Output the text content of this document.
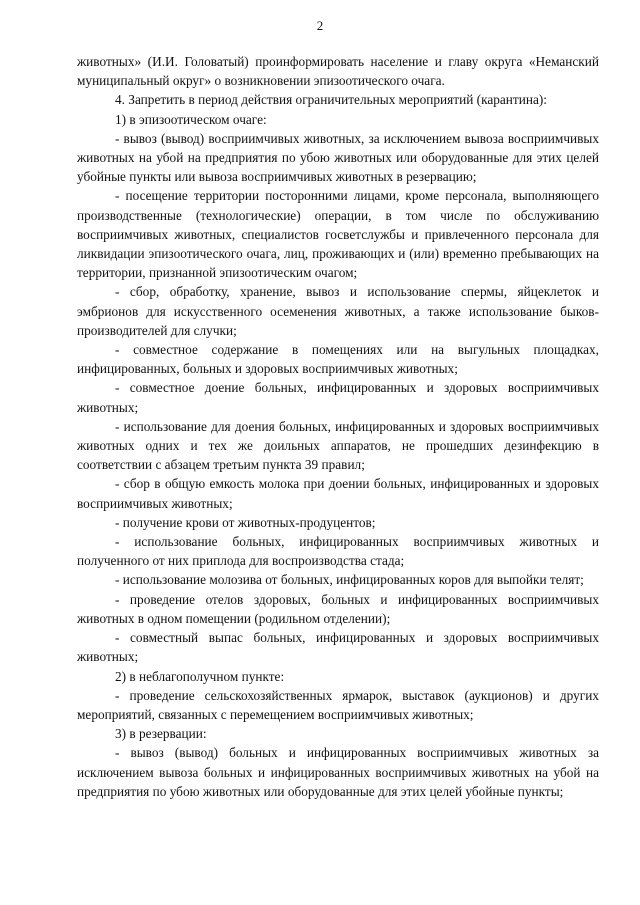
2

животных» (И.И. Головатый) проинформировать население и главу округа «Неманский муниципальный округ» о возникновении эпизоотического очага.

4. Запретить в период действия ограничительных мероприятий (карантина):

1) в эпизоотическом очаге:

- вывоз (вывод) восприимчивых животных, за исключением вывоза восприимчивых животных на убой на предприятия по убою животных или оборудованные для этих целей убойные пункты или вывоза восприимчивых животных в резервацию;

- посещение территории посторонними лицами, кроме персонала, выполняющего производственные (технологические) операции, в том числе по обслуживанию восприимчивых животных, специалистов госветслужбы и привлеченного персонала для ликвидации эпизоотического очага, лиц, проживающих и (или) временно пребывающих на территории, признанной эпизоотическим очагом;

- сбор, обработку, хранение, вывоз и использование спермы, яйцеклеток и эмбрионов для искусственного осеменения животных, а также использование быков-производителей для случки;

- совместное содержание в помещениях или на выгульных площадках, инфицированных, больных и здоровых восприимчивых животных;

- совместное доение больных, инфицированных и здоровых восприимчивых животных;

- использование для доения больных, инфицированных и здоровых восприимчивых животных одних и тех же доильных аппаратов, не прошедших дезинфекцию в соответствии с абзацем третьим пункта 39 правил;

- сбор в общую емкость молока при доении больных, инфицированных и здоровых восприимчивых животных;

- получение крови от животных-продуцентов;

- использование больных, инфицированных восприимчивых животных и полученного от них приплода для воспроизводства стада;

- использование молозива от больных, инфицированных коров для выпойки телят;

- проведение отелов здоровых, больных и инфицированных восприимчивых животных в одном помещении (родильном отделении);

- совместный выпас больных, инфицированных и здоровых восприимчивых животных;

2) в неблагополучном пункте:

- проведение сельскохозяйственных ярмарок, выставок (аукционов) и других мероприятий, связанных с перемещением восприимчивых животных;

3) в резервации:

- вывоз (вывод) больных и инфицированных восприимчивых животных за исключением вывоза больных и инфицированных восприимчивых животных на убой на предприятия по убою животных или оборудованные для этих целей убойные пункты;
